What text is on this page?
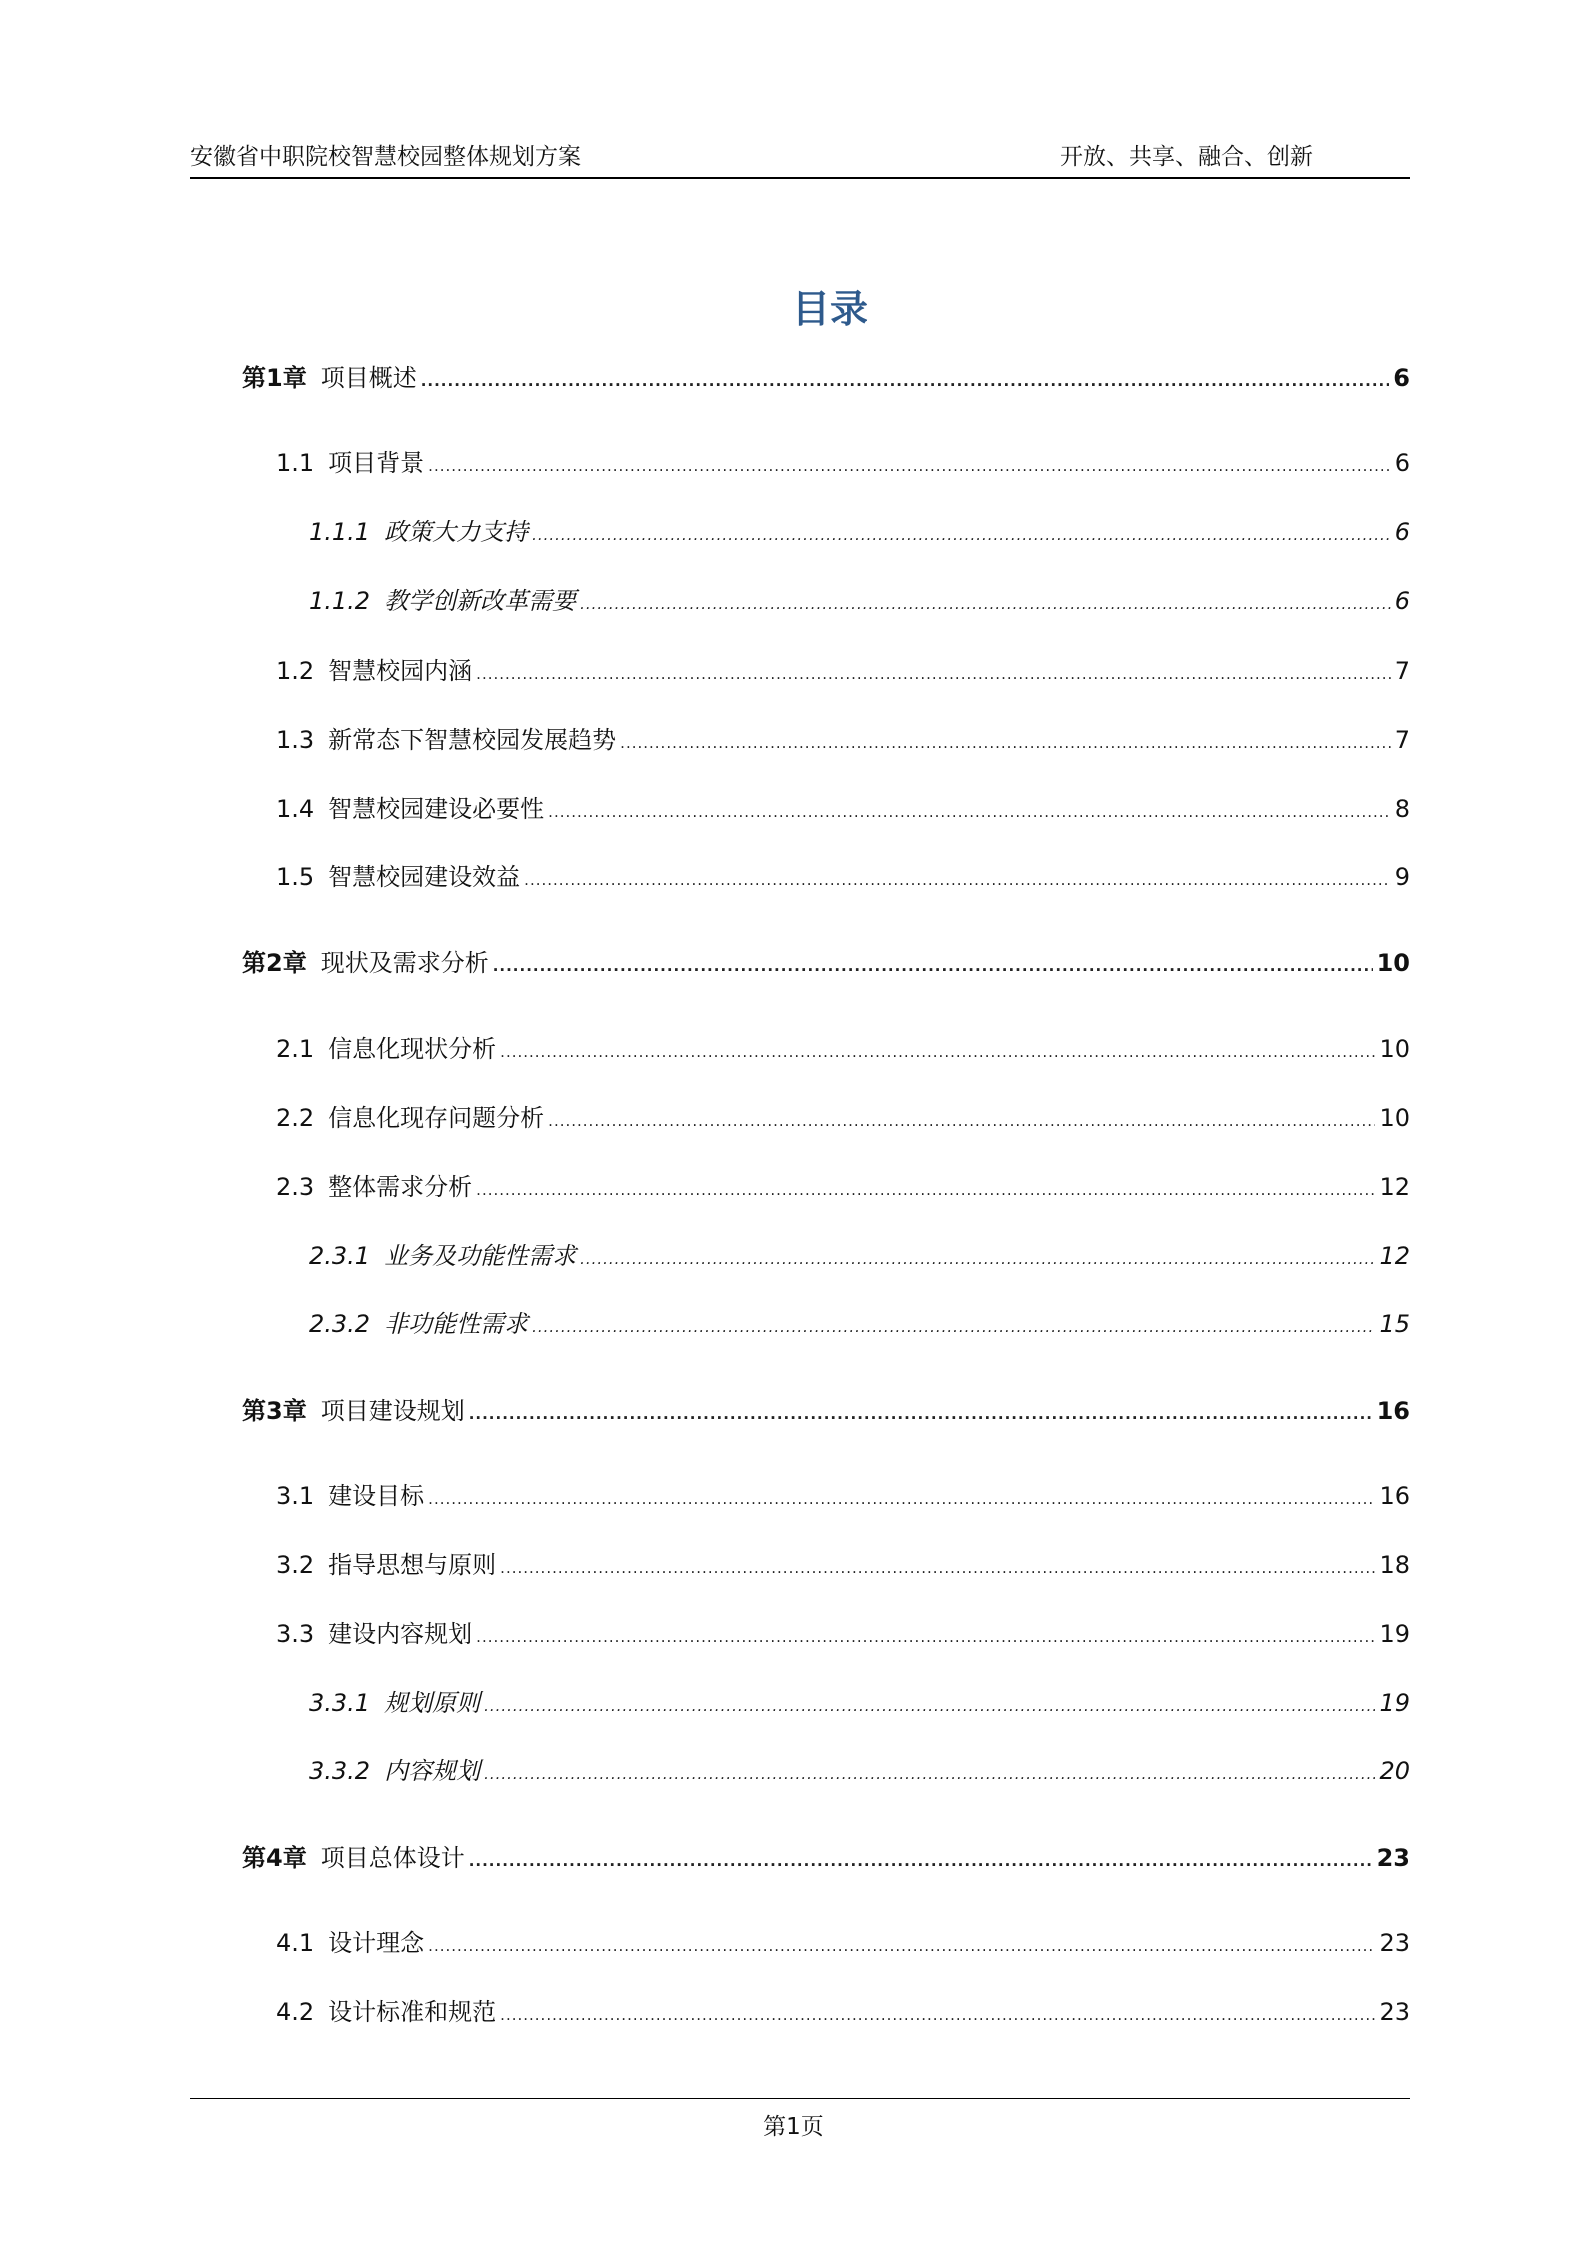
安徽省中职院校智慧校园整体规划方案	开放、共享、融合、创新
目录
第1章 项目概述 .....	6
1.1 项目背景 .....	6
1.1.1 政策大力支持 .....	6
1.1.2 教学创新改革需要 .....	6
1.2 智慧校园内涵 .....	7
1.3 新常态下智慧校园发展趋势 .....	7
1.4 智慧校园建设必要性 .....	8
1.5 智慧校园建设效益 .....	9
第2章 现状及需求分析 .....	10
2.1 信息化现状分析 .....	10
2.2 信息化现存问题分析 .....	10
2.3 整体需求分析 .....	12
2.3.1 业务及功能性需求 .....	12
2.3.2 非功能性需求 .....	15
第3章 项目建设规划 .....	16
3.1 建设目标 .....	16
3.2 指导思想与原则 .....	18
3.3 建设内容规划 .....	19
3.3.1 规划原则 .....	19
3.3.2 内容规划 .....	20
第4章 项目总体设计 .....	23
4.1 设计理念 .....	23
4.2 设计标准和规范 .....	23
第1页
